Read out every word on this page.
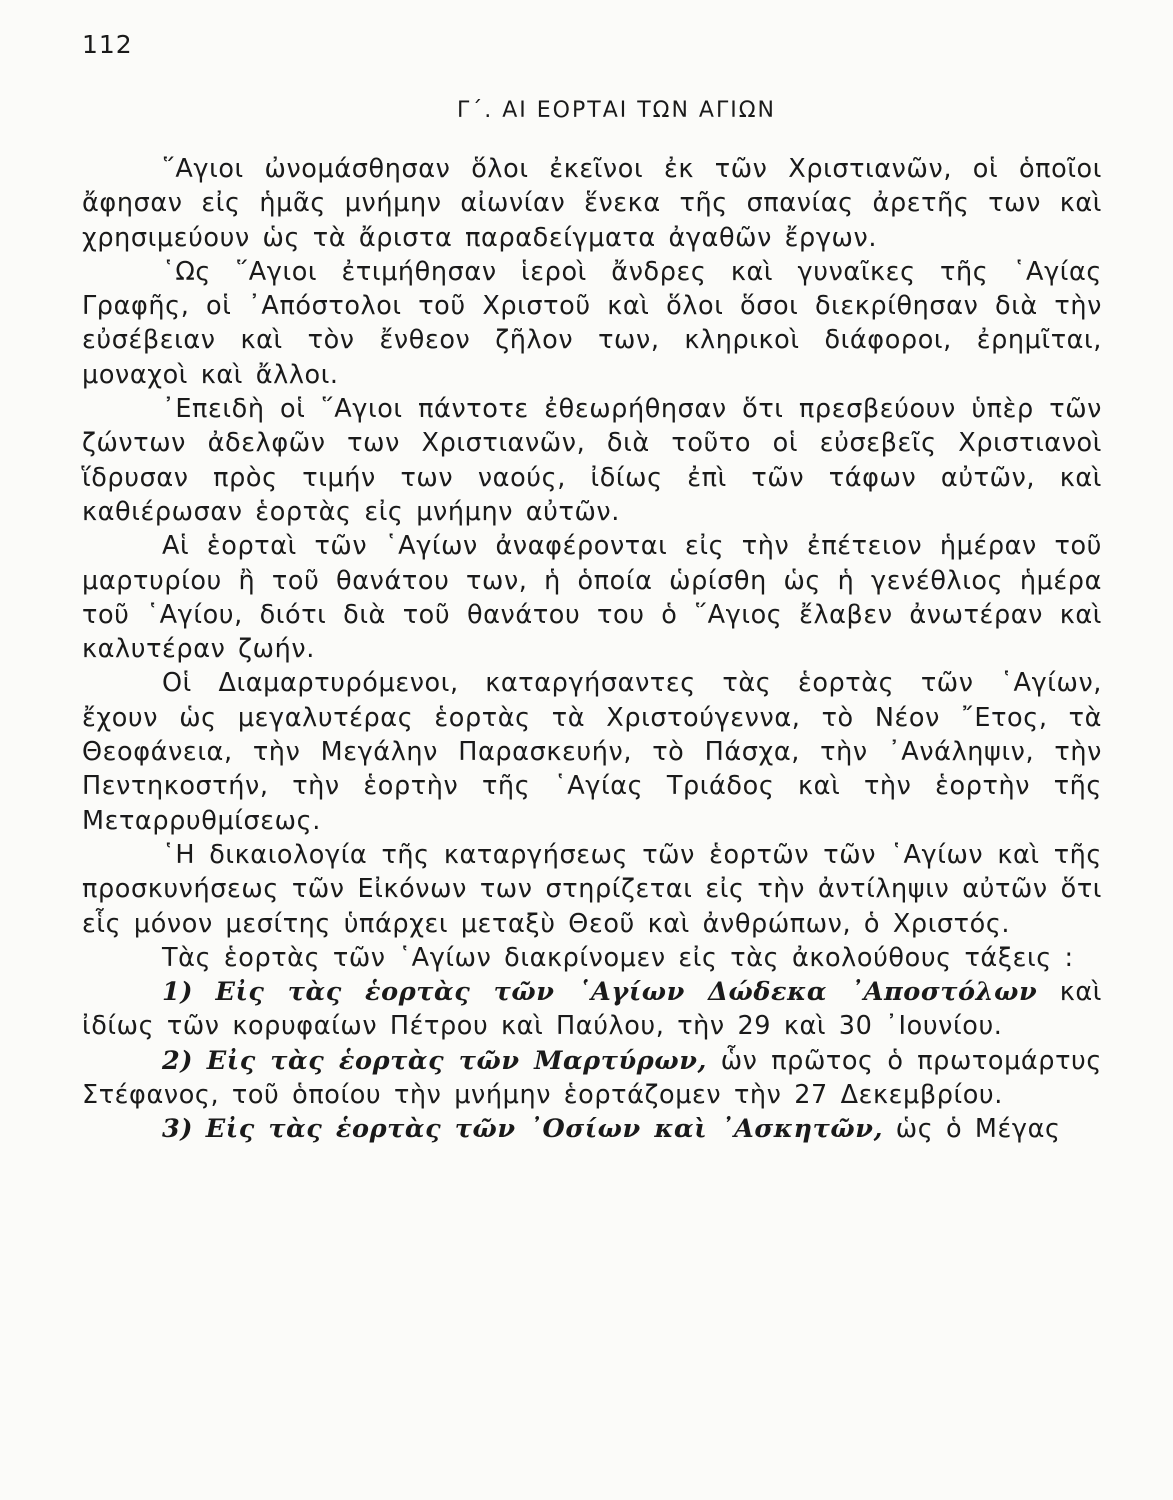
112
Γ΄. ΑΙ ΕΟΡΤΑΙ ΤΩΝ ΑΓΙΩΝ

῞Αγιοι ὠνομάσθησαν ὅλοι ἐκεῖνοι ἐκ τῶν Χριστιανῶν, οἱ ὁποῖοι ἄφησαν εἰς ἡμᾶς μνήμην αἰωνίαν ἕνεκα τῆς σπανίας ἀρετῆς των καὶ χρησιμεύουν ὡς τὰ ἄριστα παραδείγματα ἀγαθῶν ἔργων.

῾Ως ῞Αγιοι ἐτιμήθησαν ἱεροὶ ἄνδρες καὶ γυναῖκες τῆς ῾Αγίας Γραφῆς, οἱ ᾿Απόστολοι τοῦ Χριστοῦ καὶ ὅλοι ὅσοι διεκρίθησαν διὰ τὴν εὐσέβειαν καὶ τὸν ἔνθεον ζῆλον των, κληρικοὶ διάφοροι, ἐρημῖται, μοναχοὶ καὶ ἄλλοι.

᾿Επειδὴ οἱ ῞Αγιοι πάντοτε ἐθεωρήθησαν ὅτι πρεσβεύουν ὑπὲρ τῶν ζώντων ἀδελφῶν των Χριστιανῶν, διὰ τοῦτο οἱ εὐσεβεῖς Χριστιανοὶ ἵδρυσαν πρὸς τιμήν των ναούς, ἰδίως ἐπὶ τῶν τάφων αὐτῶν, καὶ καθιέρωσαν ἑορτὰς εἰς μνήμην αὐτῶν.

Αἱ ἑορταὶ τῶν ῾Αγίων ἀναφέρονται εἰς τὴν ἐπέτειον ἡμέραν τοῦ μαρτυρίου ἢ τοῦ θανάτου των, ἡ ὁποία ὡρίσθη ὡς ἡ γενέθλιος ἡμέρα τοῦ ῾Αγίου, διότι διὰ τοῦ θανάτου του ὁ ῞Αγιος ἔλαβεν ἀνωτέραν καὶ καλυτέραν ζωήν.

Οἱ Διαμαρτυρόμενοι, καταργήσαντες τὰς ἑορτὰς τῶν ῾Αγίων, ἔχουν ὡς μεγαλυτέρας ἑορτὰς τὰ Χριστούγεννα, τὸ Νέον ῎Ετος, τὰ Θεοφάνεια, τὴν Μεγάλην Παρασκευήν, τὸ Πάσχα, τὴν ᾿Ανάληψιν, τὴν Πεντηκοστήν, τὴν ἑορτὴν τῆς ῾Αγίας Τριάδος καὶ τὴν ἑορτὴν τῆς Μεταρρυθμίσεως.

῾Η δικαιολογία τῆς καταργήσεως τῶν ἑορτῶν τῶν ῾Αγίων καὶ τῆς προσκυνήσεως τῶν Εἰκόνων των στηρίζεται εἰς τὴν ἀντίληψιν αὐτῶν ὅτι εἷς μόνον μεσίτης ὑπάρχει μεταξὺ Θεοῦ καὶ ἀνθρώπων, ὁ Χριστός.

Τὰς ἑορτὰς τῶν ῾Αγίων διακρίνομεν εἰς τὰς ἀκολούθους τάξεις :

1) Εἰς τὰς ἑορτὰς τῶν ῾Αγίων Δώδεκα ᾿Αποστόλων καὶ ἰδίως τῶν κορυφαίων Πέτρου καὶ Παύλου, τὴν 29 καὶ 30 ᾿Ιουνίου.

2) Εἰς τὰς ἑορτὰς τῶν Μαρτύρων, ὧν πρῶτος ὁ πρωτομάρτυς Στέφανος, τοῦ ὁποίου τὴν μνήμην ἑορτάζομεν τὴν 27 Δεκεμβρίου.

3) Εἰς τὰς ἑορτὰς τῶν ᾿Οσίων καὶ ᾿Ασκητῶν, ὡς ὁ Μέγας
